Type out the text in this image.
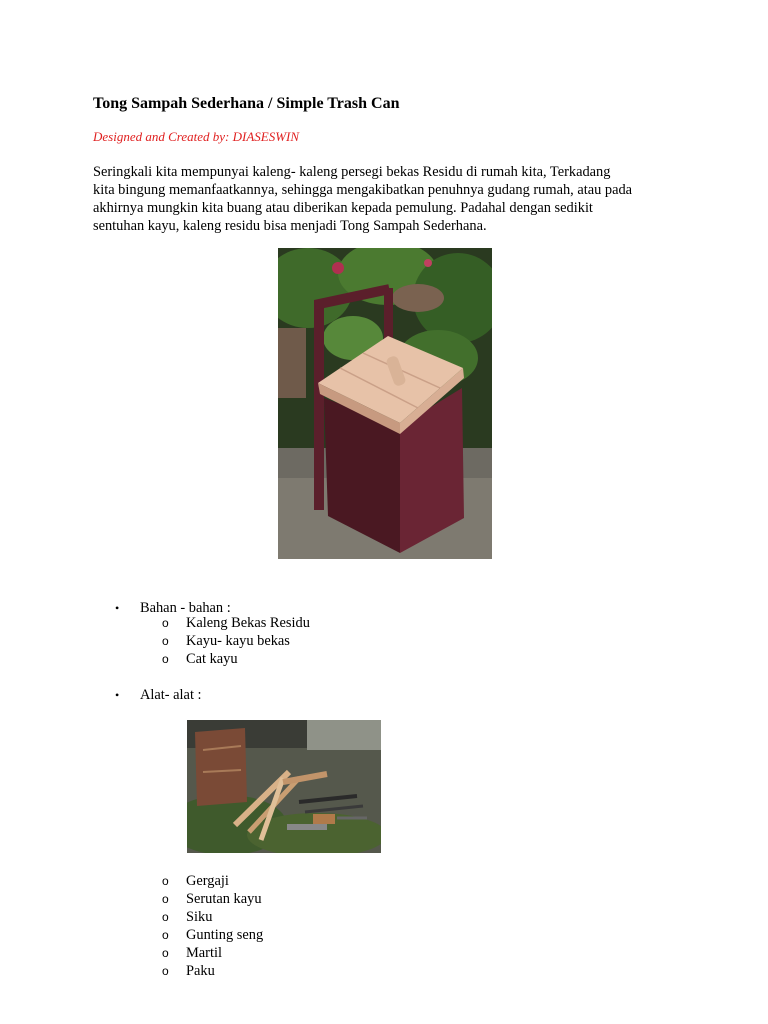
Tong Sampah Sederhana / Simple Trash Can

Designed and Created by: DIASESWIN

Seringkali kita mempunyai kaleng- kaleng persegi bekas Residu di rumah kita, Terkadang
kita bingung memanfaatkannya, sehingga mengakibatkan penuhnya gudang rumah, atau pada
akhirnya mungkin kita buang atau diberikan kepada pemulung. Padahal dengan sedikit
sentuhan kayu, kaleng residu bisa menjadi Tong Sampah Sederhana.

• Bahan - bahan :
o Kaleng Bekas Residu
o Kayu- kayu bekas
o Cat kayu
• Alat- alat :
o Gergaji
o Serutan kayu
o Siku
o Gunting seng
o Martil
o Paku
